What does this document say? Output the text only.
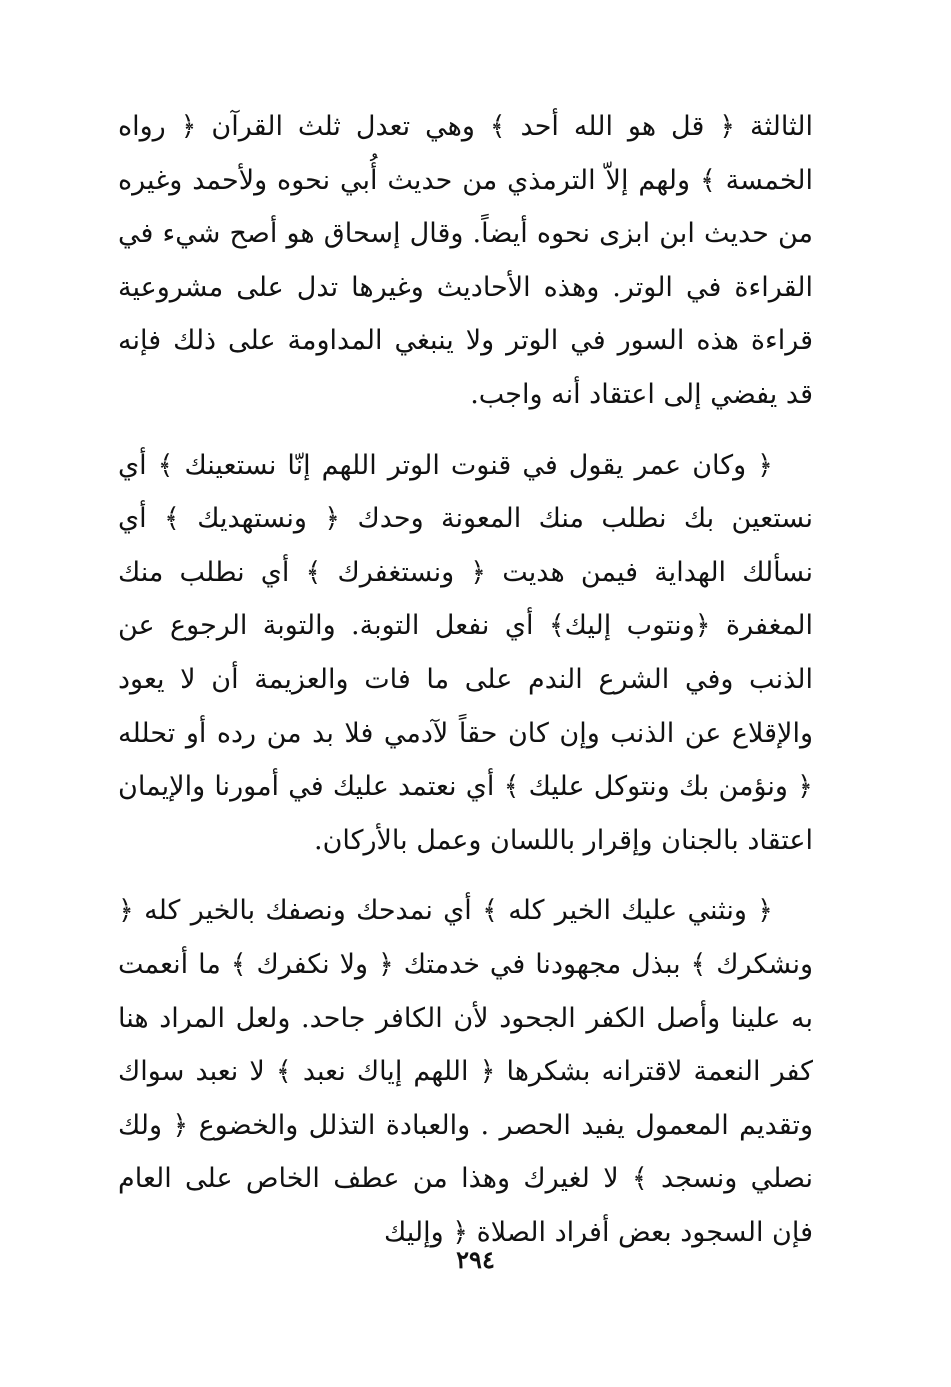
الثالثة ﴿ قل هو الله أحد ﴾ وهي تعدل ثلث القرآن ﴿ رواه الخمسة ﴾ ولهم إلاّ الترمذي من حديث أُبي نحوه ولأحمد وغيره من حديث ابن ابزى نحوه أيضاً. وقال إسحاق هو أصح شيء في القراءة في الوتر. وهذه الأحاديث وغيرها تدل على مشروعية قراءة هذه السور في الوتر ولا ينبغي المداومة على ذلك فإنه قد يفضي إلى اعتقاد أنه واجب.

﴿ وكان عمر يقول في قنوت الوتر اللهم إنّا نستعينك ﴾ أي نستعين بك نطلب منك المعونة وحدك ﴿ ونستهديك ﴾ أي نسألك الهداية فيمن هديت ﴿ ونستغفرك ﴾ أي نطلب منك المغفرة ﴿ونتوب إليك﴾ أي نفعل التوبة. والتوبة الرجوع عن الذنب وفي الشرع الندم على ما فات والعزيمة أن لا يعود والإقلاع عن الذنب وإن كان حقاً لآدمي فلا بد من رده أو تحلله ﴿ ونؤمن بك ونتوكل عليك ﴾ أي نعتمد عليك في أمورنا والإيمان اعتقاد بالجنان وإقرار باللسان وعمل بالأركان.

﴿ ونثني عليك الخير كله ﴾ أي نمدحك ونصفك بالخير كله ﴿ ونشكرك ﴾ ببذل مجهودنا في خدمتك ﴿ ولا نكفرك ﴾ ما أنعمت به علينا وأصل الكفر الجحود لأن الكافر جاحد. ولعل المراد هنا كفر النعمة لاقترانه بشكرها ﴿ اللهم إياك نعبد ﴾ لا نعبد سواك وتقديم المعمول يفيد الحصر . والعبادة التذلل والخضوع ﴿ ولك نصلي ونسجد ﴾ لا لغيرك وهذا من عطف الخاص على العام فإن السجود بعض أفراد الصلاة ﴿ وإليك

٢٩٤
